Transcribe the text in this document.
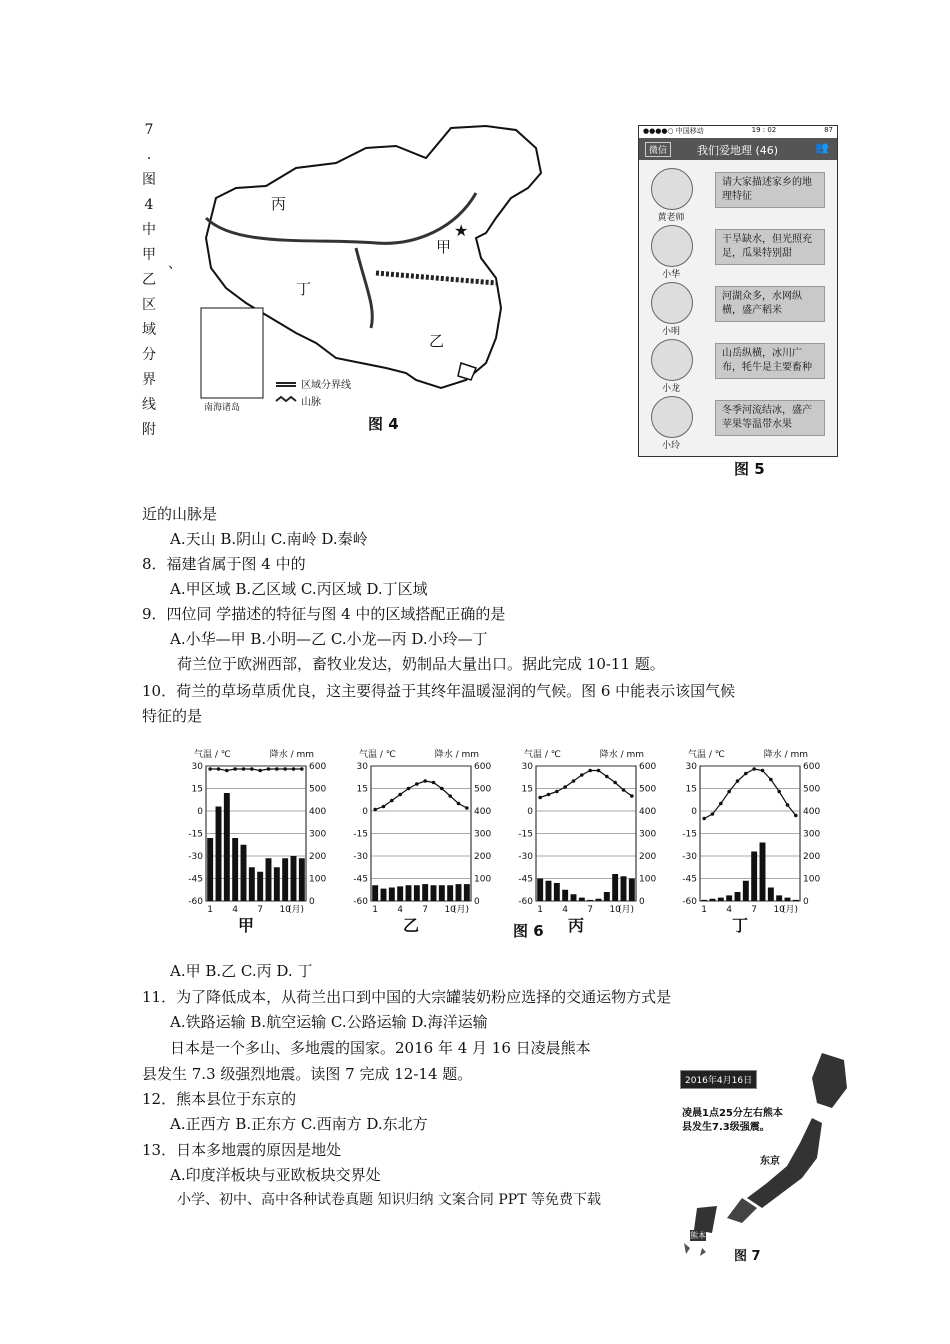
7
.
图
4
中
甲
乙
区
域
分
界
线
附
、
★
丙
甲
丁
乙
区域分界线
山脉
南海诸岛
图 4
●●●●○ 中国移动	19 : 02	87
微信	我们爱地理 (46)	👥
黄老师
请大家描述家乡的地理特征
小华
干旱缺水，但光照充足，瓜果特别甜
小明
河湖众多，水网纵横，盛产稻米
小龙
山岳纵横，冰川广布，牦牛是主要畜种
小玲
冬季河流结冰，盛产苹果等温带水果
图 5
近的山脉是
A.天山 B.阴山 C.南岭 D.秦岭
8．福建省属于图 4 中的
A.甲区域 B.乙区域 C.丙区域 D.丁区域
9．四位同 学描述的特征与图 4 中的区域搭配正确的是
A.小华—甲 B.小明—乙 C.小龙—丙 D.小玲—丁
荷兰位于欧洲西部，畜牧业发达，奶制品大量出口。据此完成 10-11 题。
10．荷兰的草场草质优良，这主要得益于其终年温暖湿润的气候。图 6 中能表示该国气候
特征的是
气温 / ℃	降水 / mm
30	600
15	500
0	400
-15	300
-30	200
-45	100
-60	0
1 4 7 10
(月)
甲
气温 / ℃	降水 / mm
30	600
15	500
0	400
-15	300
-30	200
-45	100
-60	0
1 4 7 10
(月)
乙
气温 / ℃	降水 / mm
30	600
15	500
0	400
-15	300
-30	200
-45	100
-60	0
1 4 7 10
(月)
丙
气温 / ℃	降水 / mm
30	600
15	500
0	400
-15	300
-30	200
-45	100
-60	0
1 4 7 10
(月)
丁
图 6
A.甲 B.乙 C.丙 D. 丁
11．为了降低成本，从荷兰出口到中国的大宗罐装奶粉应选择的交通运物方式是
A.铁路运输 B.航空运输 C.公路运输 D.海洋运输
日本是一个多山、多地震的国家。2016 年 4 月 16 日凌晨熊本
县发生 7.3 级强烈地震。读图 7 完成 12-14 题。
12．熊本县位于东京的
A.正西方 B.正东方 C.西南方 D.东北方
13．日本多地震的原因是地处
A.印度洋板块与亚欧板块交界处
小学、初中、高中各种试卷真题 知识归纳 文案合同 PPT 等免费下载
2016年4月16日
凌晨1点25分左右熊本
县发生7.3级强震。
东京
熊本
图 7
